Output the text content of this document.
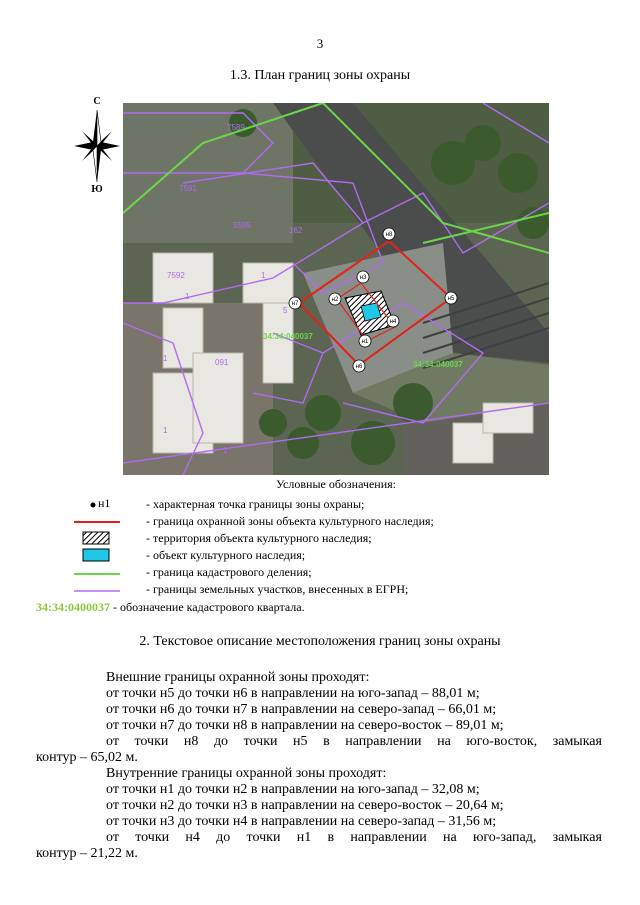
3
1.3. План границ зоны охраны
С
Ю
7589
7591
5595
162
7592
1
1
5
1
1
091
1
34:34:040037
34:34:040037
н1
н2
н3
н4
н5
н6
н7
н8
Условные обозначения:
н1	- характерная точка границы зоны охраны;
- граница охранной зоны объекта культурного наследия;
- территория объекта культурного наследия;
- объект культурного наследия;
- граница кадастрового деления;
- границы земельных участков, внесенных в ЕГРН;
34:34:0400037 - обозначение кадастрового квартала.
2. Текстовое описание местоположения границ зоны охраны
Внешние границы охранной зоны проходят:
от точки н5 до точки н6 в направлении на юго-запад – 88,01 м;
от точки н6 до точки н7 в направлении на северо-запад – 66,01 м;
от точки н7 до точки н8 в направлении на северо-восток – 89,01 м;
от точки н8 до точки н5 в направлении на юго-восток, замыкая
контур – 65,02 м.
Внутренние границы охранной зоны проходят:
от точки н1 до точки н2 в направлении на юго-запад – 32,08 м;
от точки н2 до точки н3 в направлении на северо-восток – 20,64 м;
от точки н3 до точки н4 в направлении на северо-запад – 31,56 м;
от точки н4 до точки н1 в направлении на юго-запад, замыкая
контур – 21,22 м.
